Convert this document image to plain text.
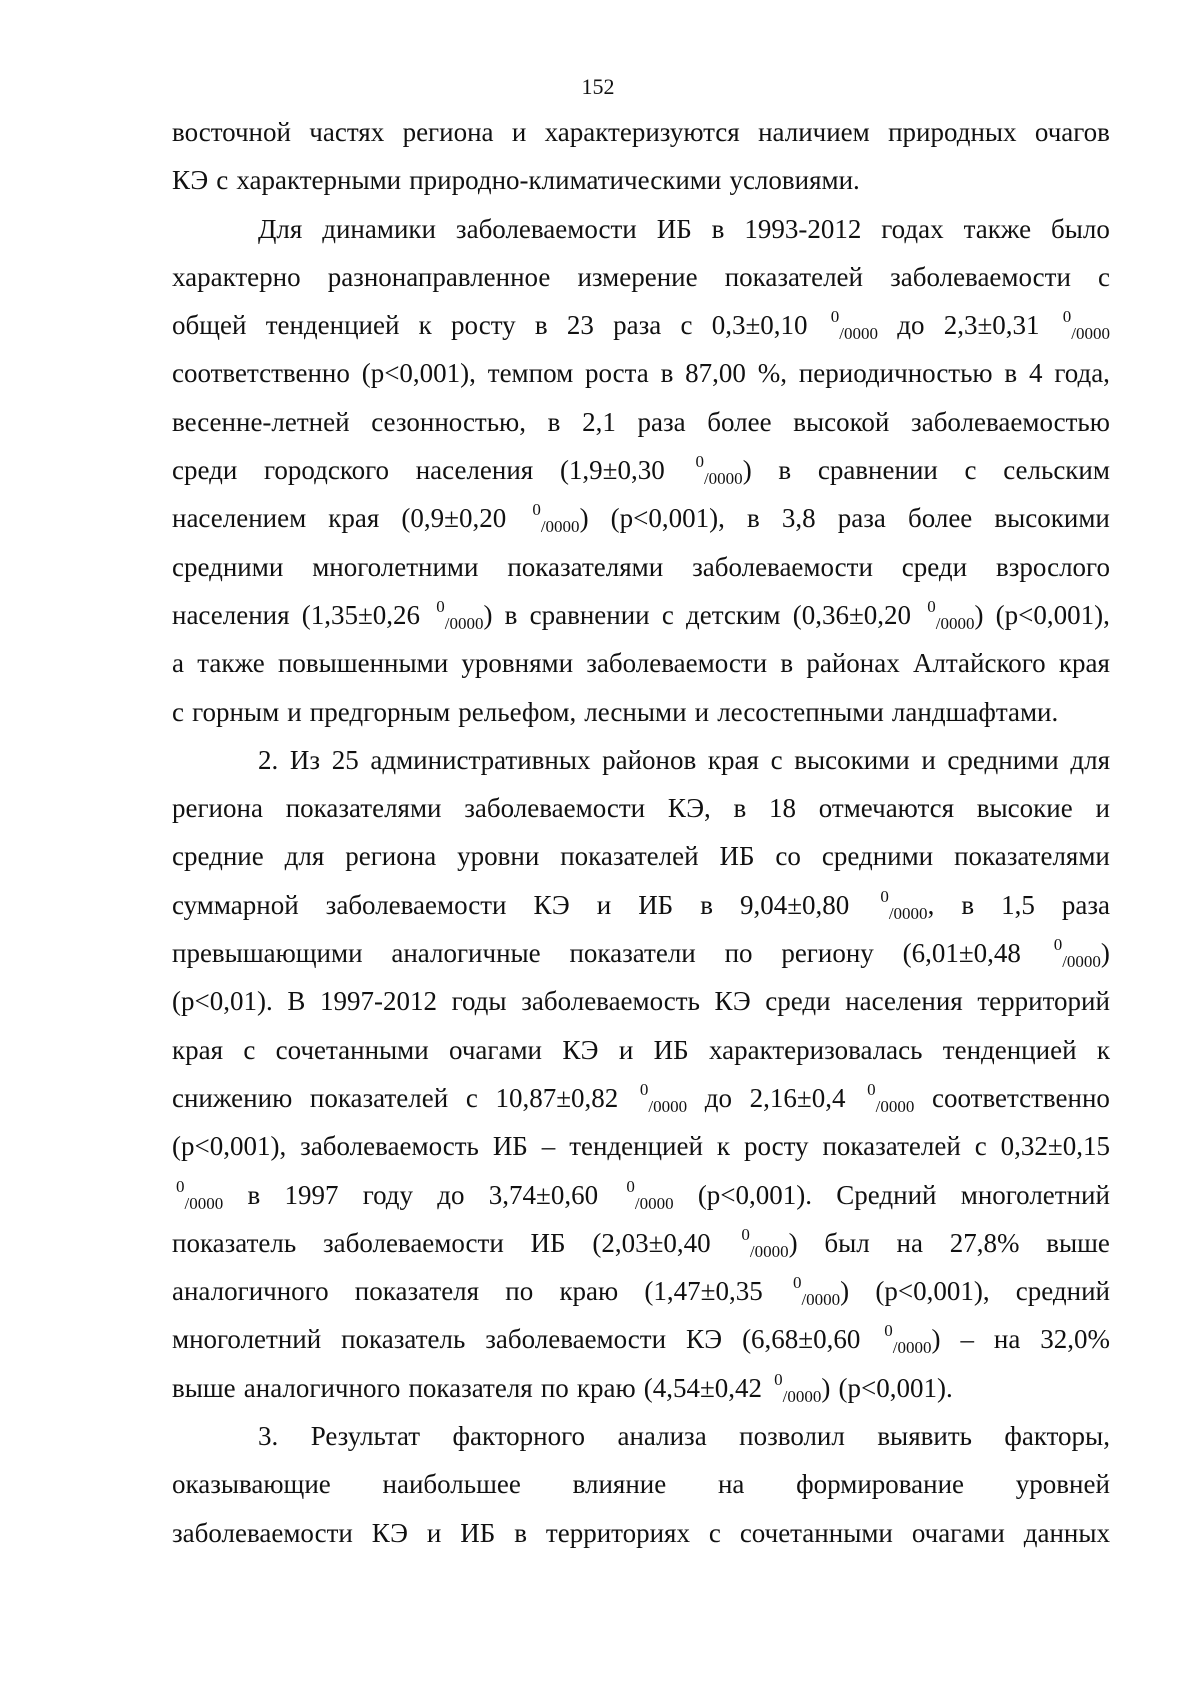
152
восточной частях региона и характеризуются наличием природных очагов
КЭ с характерными природно-климатическими условиями.
Для динамики заболеваемости ИБ в 1993-2012 годах также было
характерно разнонаправленное измерение показателей заболеваемости с
общей тенденцией к росту в 23 раза с 0,3±0,10 $^0_{/0000}$ до 2,3±0,31 $^0_{/0000}$
соответственно (р<0,001), темпом роста в 87,00 %, периодичностью в 4 года,
весенне-летней сезонностью, в 2,1 раза более высокой заболеваемостью
среди городского населения (1,9±0,30 $^0_{/0000}$) в сравнении с сельским
населением края (0,9±0,20 $^0_{/0000}$) (р<0,001), в 3,8 раза более высокими
средними многолетними показателями заболеваемости среди взрослого
населения (1,35±0,26 $^0_{/0000}$) в сравнении с детским (0,36±0,20 $^0_{/0000}$) (р<0,001),
а также повышенными уровнями заболеваемости в районах Алтайского края
с горным и предгорным рельефом, лесными и лесостепными ландшафтами.
2. Из 25 административных районов края с высокими и средними для
региона показателями заболеваемости КЭ, в 18 отмечаются высокие и
средние для региона уровни показателей ИБ со средними показателями
суммарной заболеваемости КЭ и ИБ в 9,04±0,80 $^0_{/0000}$, в 1,5 раза
превышающими аналогичные показатели по региону (6,01±0,48 $^0_{/0000}$)
(р<0,01). В 1997-2012 годы заболеваемость КЭ среди населения территорий
края с сочетанными очагами КЭ и ИБ характеризовалась тенденцией к
снижению показателей с 10,87±0,82 $^0_{/0000}$ до 2,16±0,4 $^0_{/0000}$ соответственно
(р<0,001), заболеваемость ИБ – тенденцией к росту показателей с 0,32±0,15
$^0_{/0000}$ в 1997 году до 3,74±0,60 $^0_{/0000}$ (р<0,001). Средний многолетний
показатель заболеваемости ИБ (2,03±0,40 $^0_{/0000}$) был на 27,8% выше
аналогичного показателя по краю (1,47±0,35 $^0_{/0000}$) (р<0,001), средний
многолетний показатель заболеваемости КЭ (6,68±0,60 $^0_{/0000}$) – на 32,0%
выше аналогичного показателя по краю (4,54±0,42 $^0_{/0000}$) (р<0,001).
3. Результат факторного анализа позволил выявить факторы,
оказывающие наибольшее влияние на формирование уровней
заболеваемости КЭ и ИБ в территориях с сочетанными очагами данных
